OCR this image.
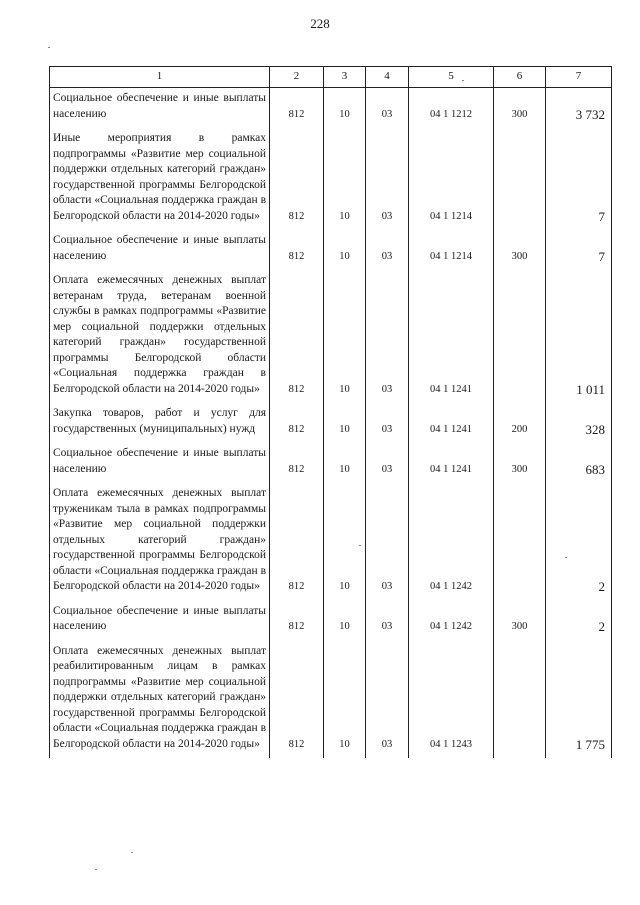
228
1	2	3	4	5	6	7

Социальное обеспечение и иные выплаты населению	812	10	03	04 1 1212	300	3 732

Иные мероприятия в рамках подпрограммы «Развитие мер социальной поддержки отдельных категорий граждан» государственной программы Белгородской области «Социальная поддержка граждан в Белгородской области на 2014-2020 годы»	812	10	03	04 1 1214		7

Социальное обеспечение и иные выплаты населению	812	10	03	04 1 1214	300	7

Оплата ежемесячных денежных выплат ветеранам труда, ветеранам военной службы в рамках подпрограммы «Развитие мер социальной поддержки отдельных категорий граждан» государственной программы Белгородской области «Социальная поддержка граждан в Белгородской области на 2014-2020 годы»	812	10	03	04 1 1241		1 011

Закупка товаров, работ и услуг для государственных (муниципальных) нужд	812	10	03	04 1 1241	200	328

Социальное обеспечение и иные выплаты населению	812	10	03	04 1 1241	300	683

Оплата ежемесячных денежных выплат труженикам тыла в рамках подпрограммы «Развитие мер социальной поддержки отдельных категорий граждан» государственной программы Белгородской области «Социальная поддержка граждан в Белгородской области на 2014-2020 годы»	812	10	03	04 1 1242		2

Социальное обеспечение и иные выплаты населению	812	10	03	04 1 1242	300	2

Оплата ежемесячных денежных выплат реабилитированным лицам в рамках подпрограммы «Развитие мер социальной поддержки отдельных категорий граждан» государственной программы Белгородской области «Социальная поддержка граждан в Белгородской области на 2014-2020 годы»	812	10	03	04 1 1243		1 775
